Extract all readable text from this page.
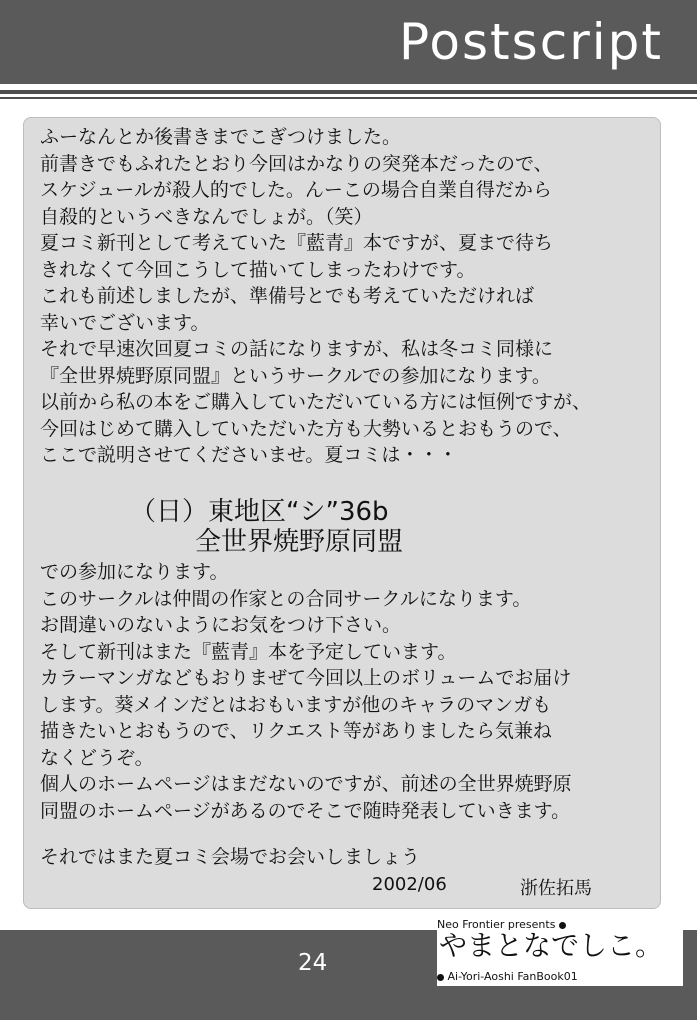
Postscript

ふーなんとか後書きまでこぎつけました。
前書きでもふれたとおり今回はかなりの突発本だったので、
スケジュールが殺人的でした。んーこの場合自業自得だから
自殺的というべきなんでしょが。（笑）
夏コミ新刊として考えていた『藍青』本ですが、夏まで待ち
きれなくて今回こうして描いてしまったわけです。
これも前述しましたが、準備号とでも考えていただければ
幸いでございます。
それで早速次回夏コミの話になりますが、私は冬コミ同様に
『全世界焼野原同盟』というサークルでの参加になります。
以前から私の本をご購入していただいている方には恒例ですが、
今回はじめて購入していただいた方も大勢いるとおもうので、
ここで説明させてくださいませ。夏コミは・・・

（日）東地区“シ”36b

全世界焼野原同盟

での参加になります。
このサークルは仲間の作家との合同サークルになります。
お間違いのないようにお気をつけ下さい。
そして新刊はまた『藍青』本を予定しています。
カラーマンガなどもおりまぜて今回以上のボリュームでお届け
します。葵メインだとはおもいますが他のキャラのマンガも
描きたいとおもうので、リクエスト等がありましたら気兼ね
なくどうぞ。
個人のホームページはまだないのですが、前述の全世界焼野原
同盟のホームページがあるのでそこで随時発表していきます。

それではまた夏コミ会場でお会いしましょう

2002/06	浙佐拓馬

24

Neo Frontier presents
やまとなでしこ。
Ai-Yori-Aoshi FanBook01
